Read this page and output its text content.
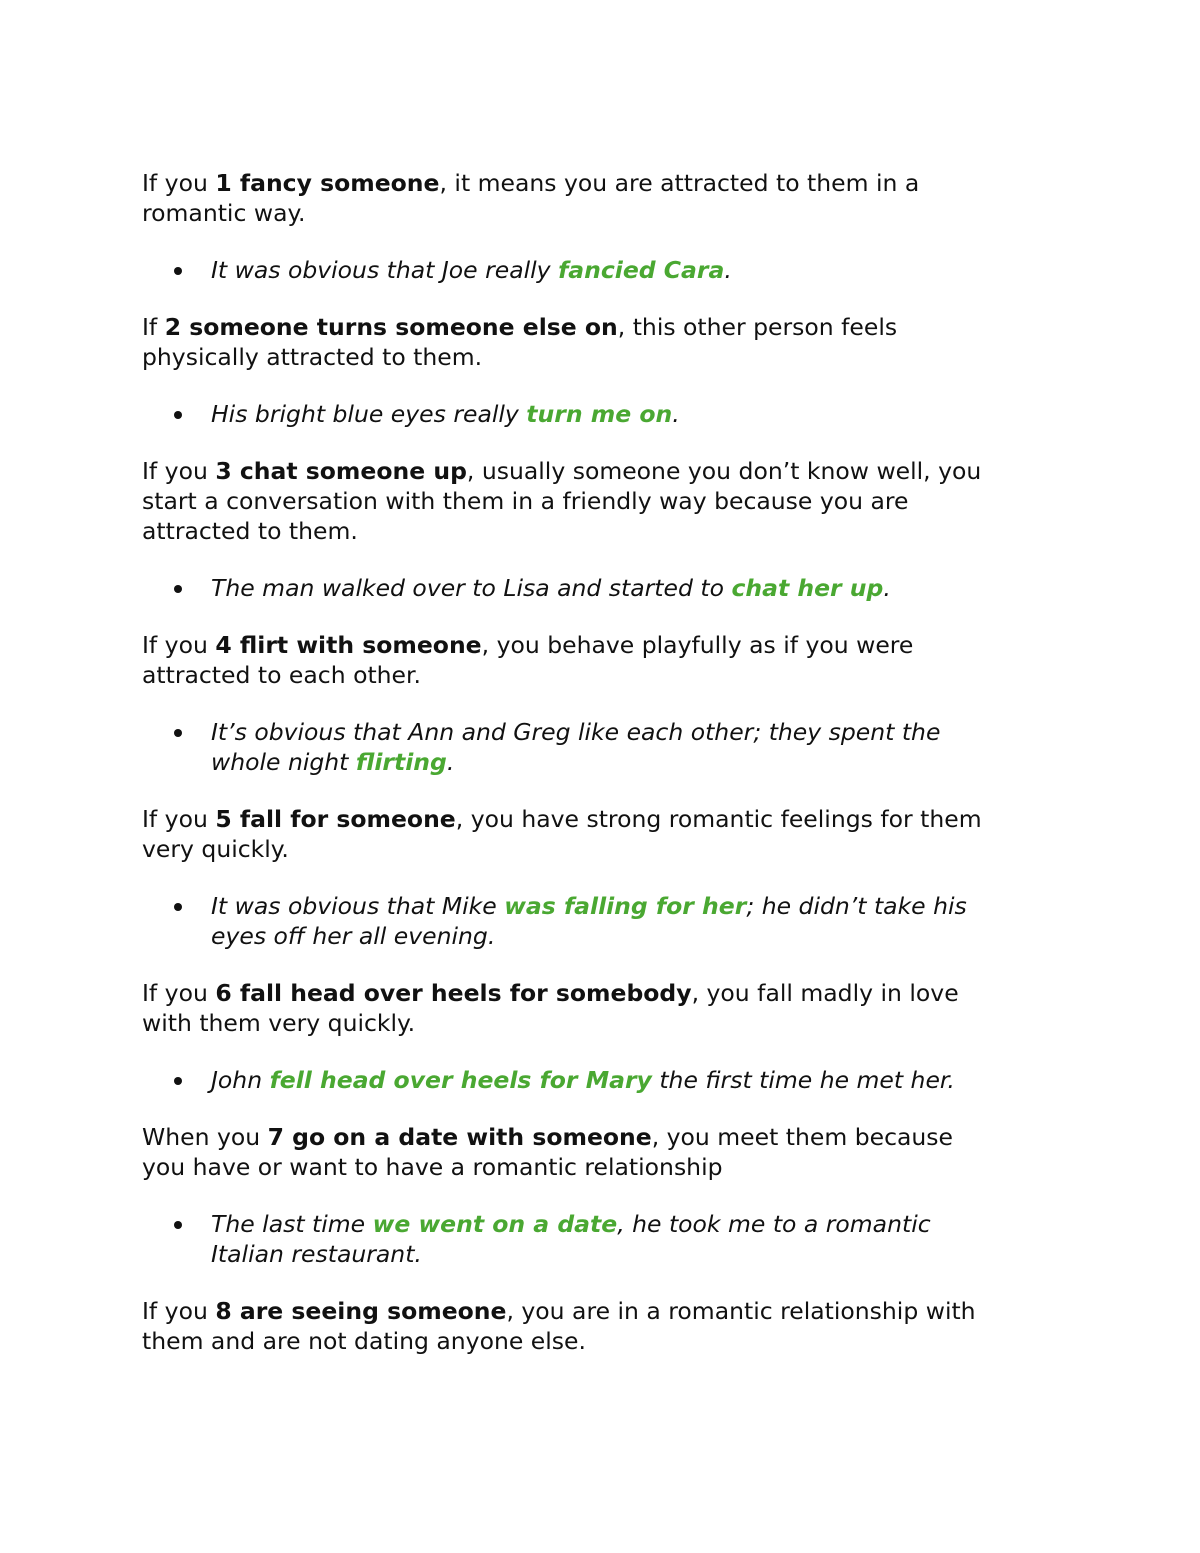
If you 1 fancy someone, it means you are attracted to them in a
romantic way.
It was obvious that Joe really fancied Cara.
If 2 someone turns someone else on, this other person feels
physically attracted to them.
His bright blue eyes really turn me on.
If you 3 chat someone up, usually someone you don’t know well, you
start a conversation with them in a friendly way because you are
attracted to them.
The man walked over to Lisa and started to chat her up.
If you 4 flirt with someone, you behave playfully as if you were
attracted to each other.
It’s obvious that Ann and Greg like each other; they spent the
whole night flirting.
If you 5 fall for someone, you have strong romantic feelings for them
very quickly.
It was obvious that Mike was falling for her; he didn’t take his
eyes off her all evening.
If you 6 fall head over heels for somebody, you fall madly in love
with them very quickly.
John fell head over heels for Mary the first time he met her.
When you 7 go on a date with someone, you meet them because
you have or want to have a romantic relationship
The last time we went on a date, he took me to a romantic
Italian restaurant.
If you 8 are seeing someone, you are in a romantic relationship with
them and are not dating anyone else.
